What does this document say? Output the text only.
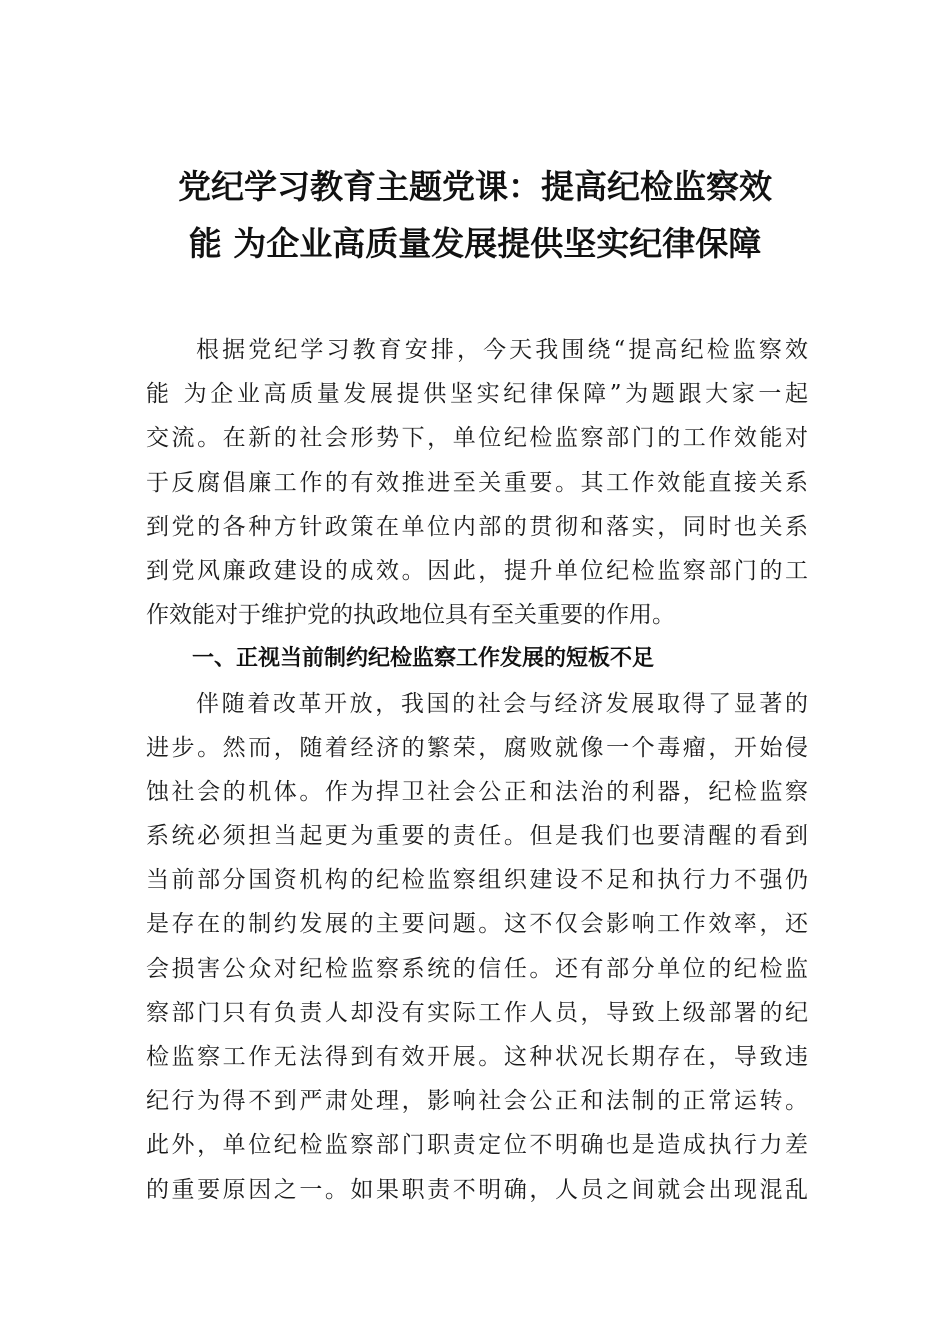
党纪学习教育主题党课：提高纪检监察效
能 为企业高质量发展提供坚实纪律保障
根据党纪学习教育安排，今天我围绕“提高纪检监察效
能 为企业高质量发展提供坚实纪律保障”为题跟大家一起
交流。在新的社会形势下，单位纪检监察部门的工作效能对
于反腐倡廉工作的有效推进至关重要。其工作效能直接关系
到党的各种方针政策在单位内部的贯彻和落实，同时也关系
到党风廉政建设的成效。因此，提升单位纪检监察部门的工
作效能对于维护党的执政地位具有至关重要的作用。
一、正视当前制约纪检监察工作发展的短板不足
伴随着改革开放，我国的社会与经济发展取得了显著的
进步。然而，随着经济的繁荣，腐败就像一个毒瘤，开始侵
蚀社会的机体。作为捍卫社会公正和法治的利器，纪检监察
系统必须担当起更为重要的责任。但是我们也要清醒的看到
当前部分国资机构的纪检监察组织建设不足和执行力不强仍
是存在的制约发展的主要问题。这不仅会影响工作效率，还
会损害公众对纪检监察系统的信任。还有部分单位的纪检监
察部门只有负责人却没有实际工作人员，导致上级部署的纪
检监察工作无法得到有效开展。这种状况长期存在，导致违
纪行为得不到严肃处理，影响社会公正和法制的正常运转。
此外，单位纪检监察部门职责定位不明确也是造成执行力差
的重要原因之一。如果职责不明确，人员之间就会出现混乱
